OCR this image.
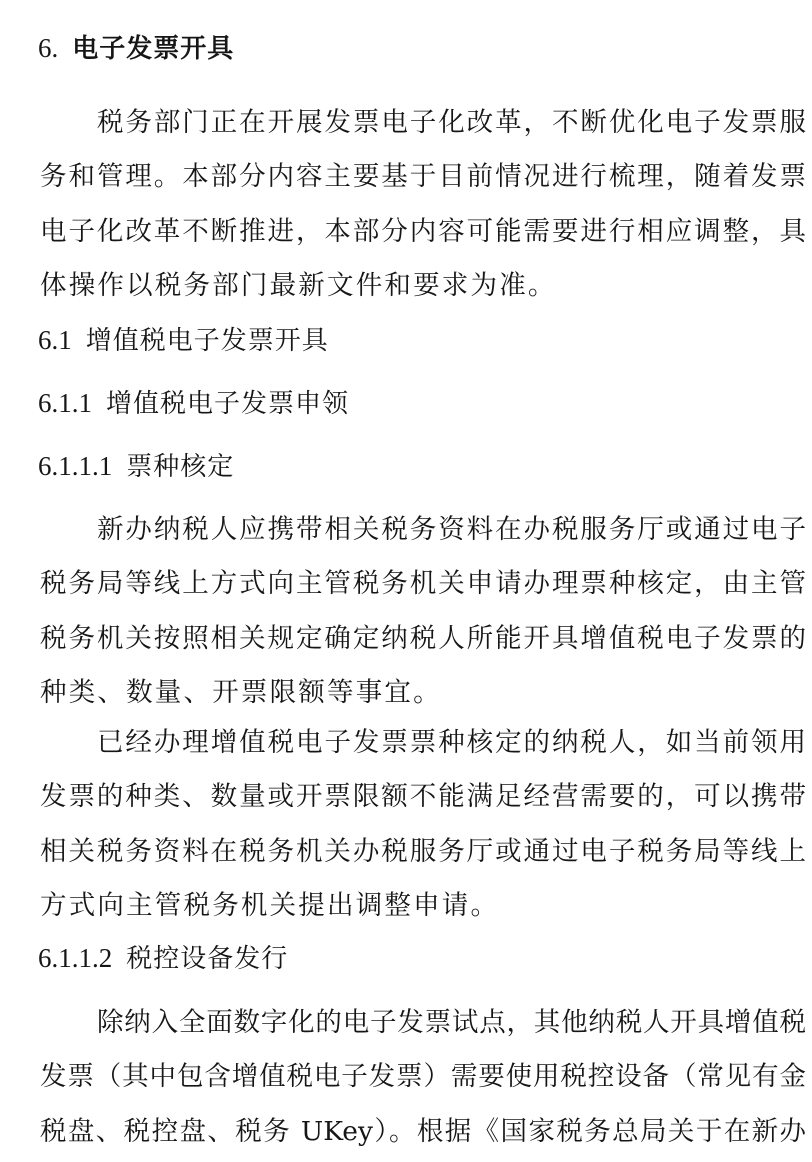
6. 电子发票开具
税务部门正在开展发票电子化改革，不断优化电子发票服
务和管理。本部分内容主要基于目前情况进行梳理，随着发票
电子化改革不断推进，本部分内容可能需要进行相应调整，具
体操作以税务部门最新文件和要求为准。
6.1 增值税电子发票开具
6.1.1 增值税电子发票申领
6.1.1.1 票种核定
新办纳税人应携带相关税务资料在办税服务厅或通过电子
税务局等线上方式向主管税务机关申请办理票种核定，由主管
税务机关按照相关规定确定纳税人所能开具增值税电子发票的
种类、数量、开票限额等事宜。
已经办理增值税电子发票票种核定的纳税人，如当前领用
发票的种类、数量或开票限额不能满足经营需要的，可以携带
相关税务资料在税务机关办税服务厅或通过电子税务局等线上
方式向主管税务机关提出调整申请。
6.1.1.2 税控设备发行
除纳入全面数字化的电子发票试点，其他纳税人开具增值税
发票（其中包含增值税电子发票）需要使用税控设备（常见有金
税盘、税控盘、税务 UKey）。根据《国家税务总局关于在新办
